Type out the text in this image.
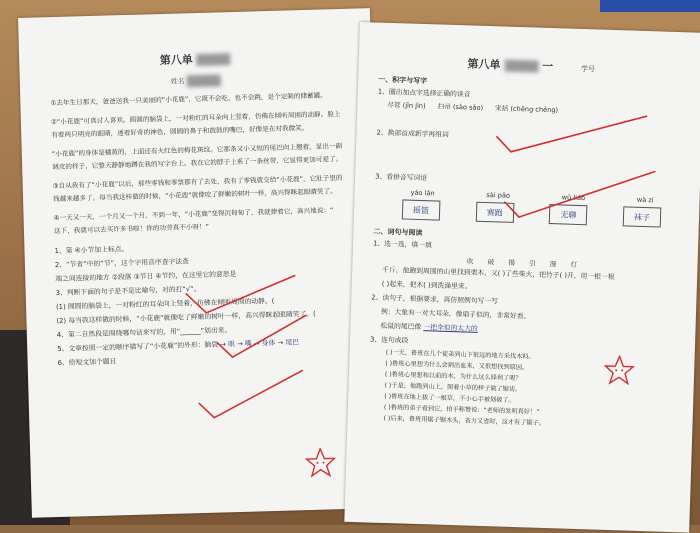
第八单
姓名
①去年生日那天，爸爸送我一只美丽的“小花鹿”，它既不会吃，也不会跳，是个定制的储蓄罐。
②“小花鹿”可真讨人喜欢。圆圆的脑袋上，一对粉红的耳朵向上竖着，仿佛在倾听周围的动静。脸上有着两只明亮的眼睛，透着好奇的神色，圆圆的鼻子和鼓鼓的嘴巴，好像是在对我微笑。
“小花鹿”的身体是橘黄的，上面还有火红色的梅花斑纹。它那条又小又短的尾巴向上翘着，显出一副调皮的样子，它整天静静地蹲在我的写字台上。我在它的脖子上系了一条丝带，它显得更加可爱了。
③自从我有了“小花鹿”以后，那些零钱和零票都有了去处，我有了零钱就交给“小花鹿”，它肚子里的钱越来越多了。每当我这样做的时候，“小花鹿”就像吃了鲜嫩的树叶一样，高兴得眯起眼睛笑了。
④一天又一天，一个月又一个月，不到一年，“小花鹿”变得沉甸甸了，我就捧着它，高兴地说：“
这下，我就可以去买许多书啦！你的功劳真不小呀！”
1、第 ④小节加上标点。
2、“节省”中的“节”，这个字用音序查字法查
端之间连接的地方 ②段落 ③节日 ④节约，在这里它的意思是
3、判断下面的句子是不是比喻句，对的打“√”。
(1) 圆圆的脑袋上，一对粉红的耳朵向上竖着，仿佛在倾听周围的动静。(
(2) 每当我这样做的时候，“小花鹿”就像吃了鲜嫩的树叶一样，高兴得眯起眼睛笑了。(
4、第二自然段是围绕哪句话来写的，用“______”划出来。
5、文章按照一定的顺序描写了“小花鹿”的外形：脑袋 → 眼 → 嘴 → 身体 → 尾巴
6、给短文加个题目
第八单	一	学号
一、积字与写字
1、圈出加点字选择正确的读音
尽管 (jǐn jìn) 扫帚 (sào sǎo) 宋括 (chěng chéng)
2、换部首成新字再组词
3、看拼音写词语
yáo lán	sài pǎo	wǔ liáo	wà zi
摇篮	赛跑	无聊	袜子
二、词句与阅读
1、选一选，填一填
吹 破 揭 引 漫 灯
千斤，他跑到周围的山里找到栗木，又( )了些柴火，把竹子( )开，用一根一根
( )起来，把木( )到洗澡里来。
2、读句子，根据要求，再仿照例句写一写
例：大象有一对大耳朵，像扇子似的，非常好看。
松鼠的尾巴像 一把伞似的太大的
3、连句成段
( )一天，鲁班在几个徒弟到山下很远的地方采伐木料。
( )鲁班心里想为什么会割出血来，又很想找到原因。
( )鲁班心里想和以前的木，为什么这么锋利了呢？
( )于是，他跑到山上，照着小草的样子做了锯齿。
( )鲁班在地上拔了一根草，不小心手被划破了。
( )鲁班的弟子看到它，拍手称赞说：“老师的发明真好！”
( )后来，鲁班用锯子锯木头，省力又省时，这才有了锯子。
